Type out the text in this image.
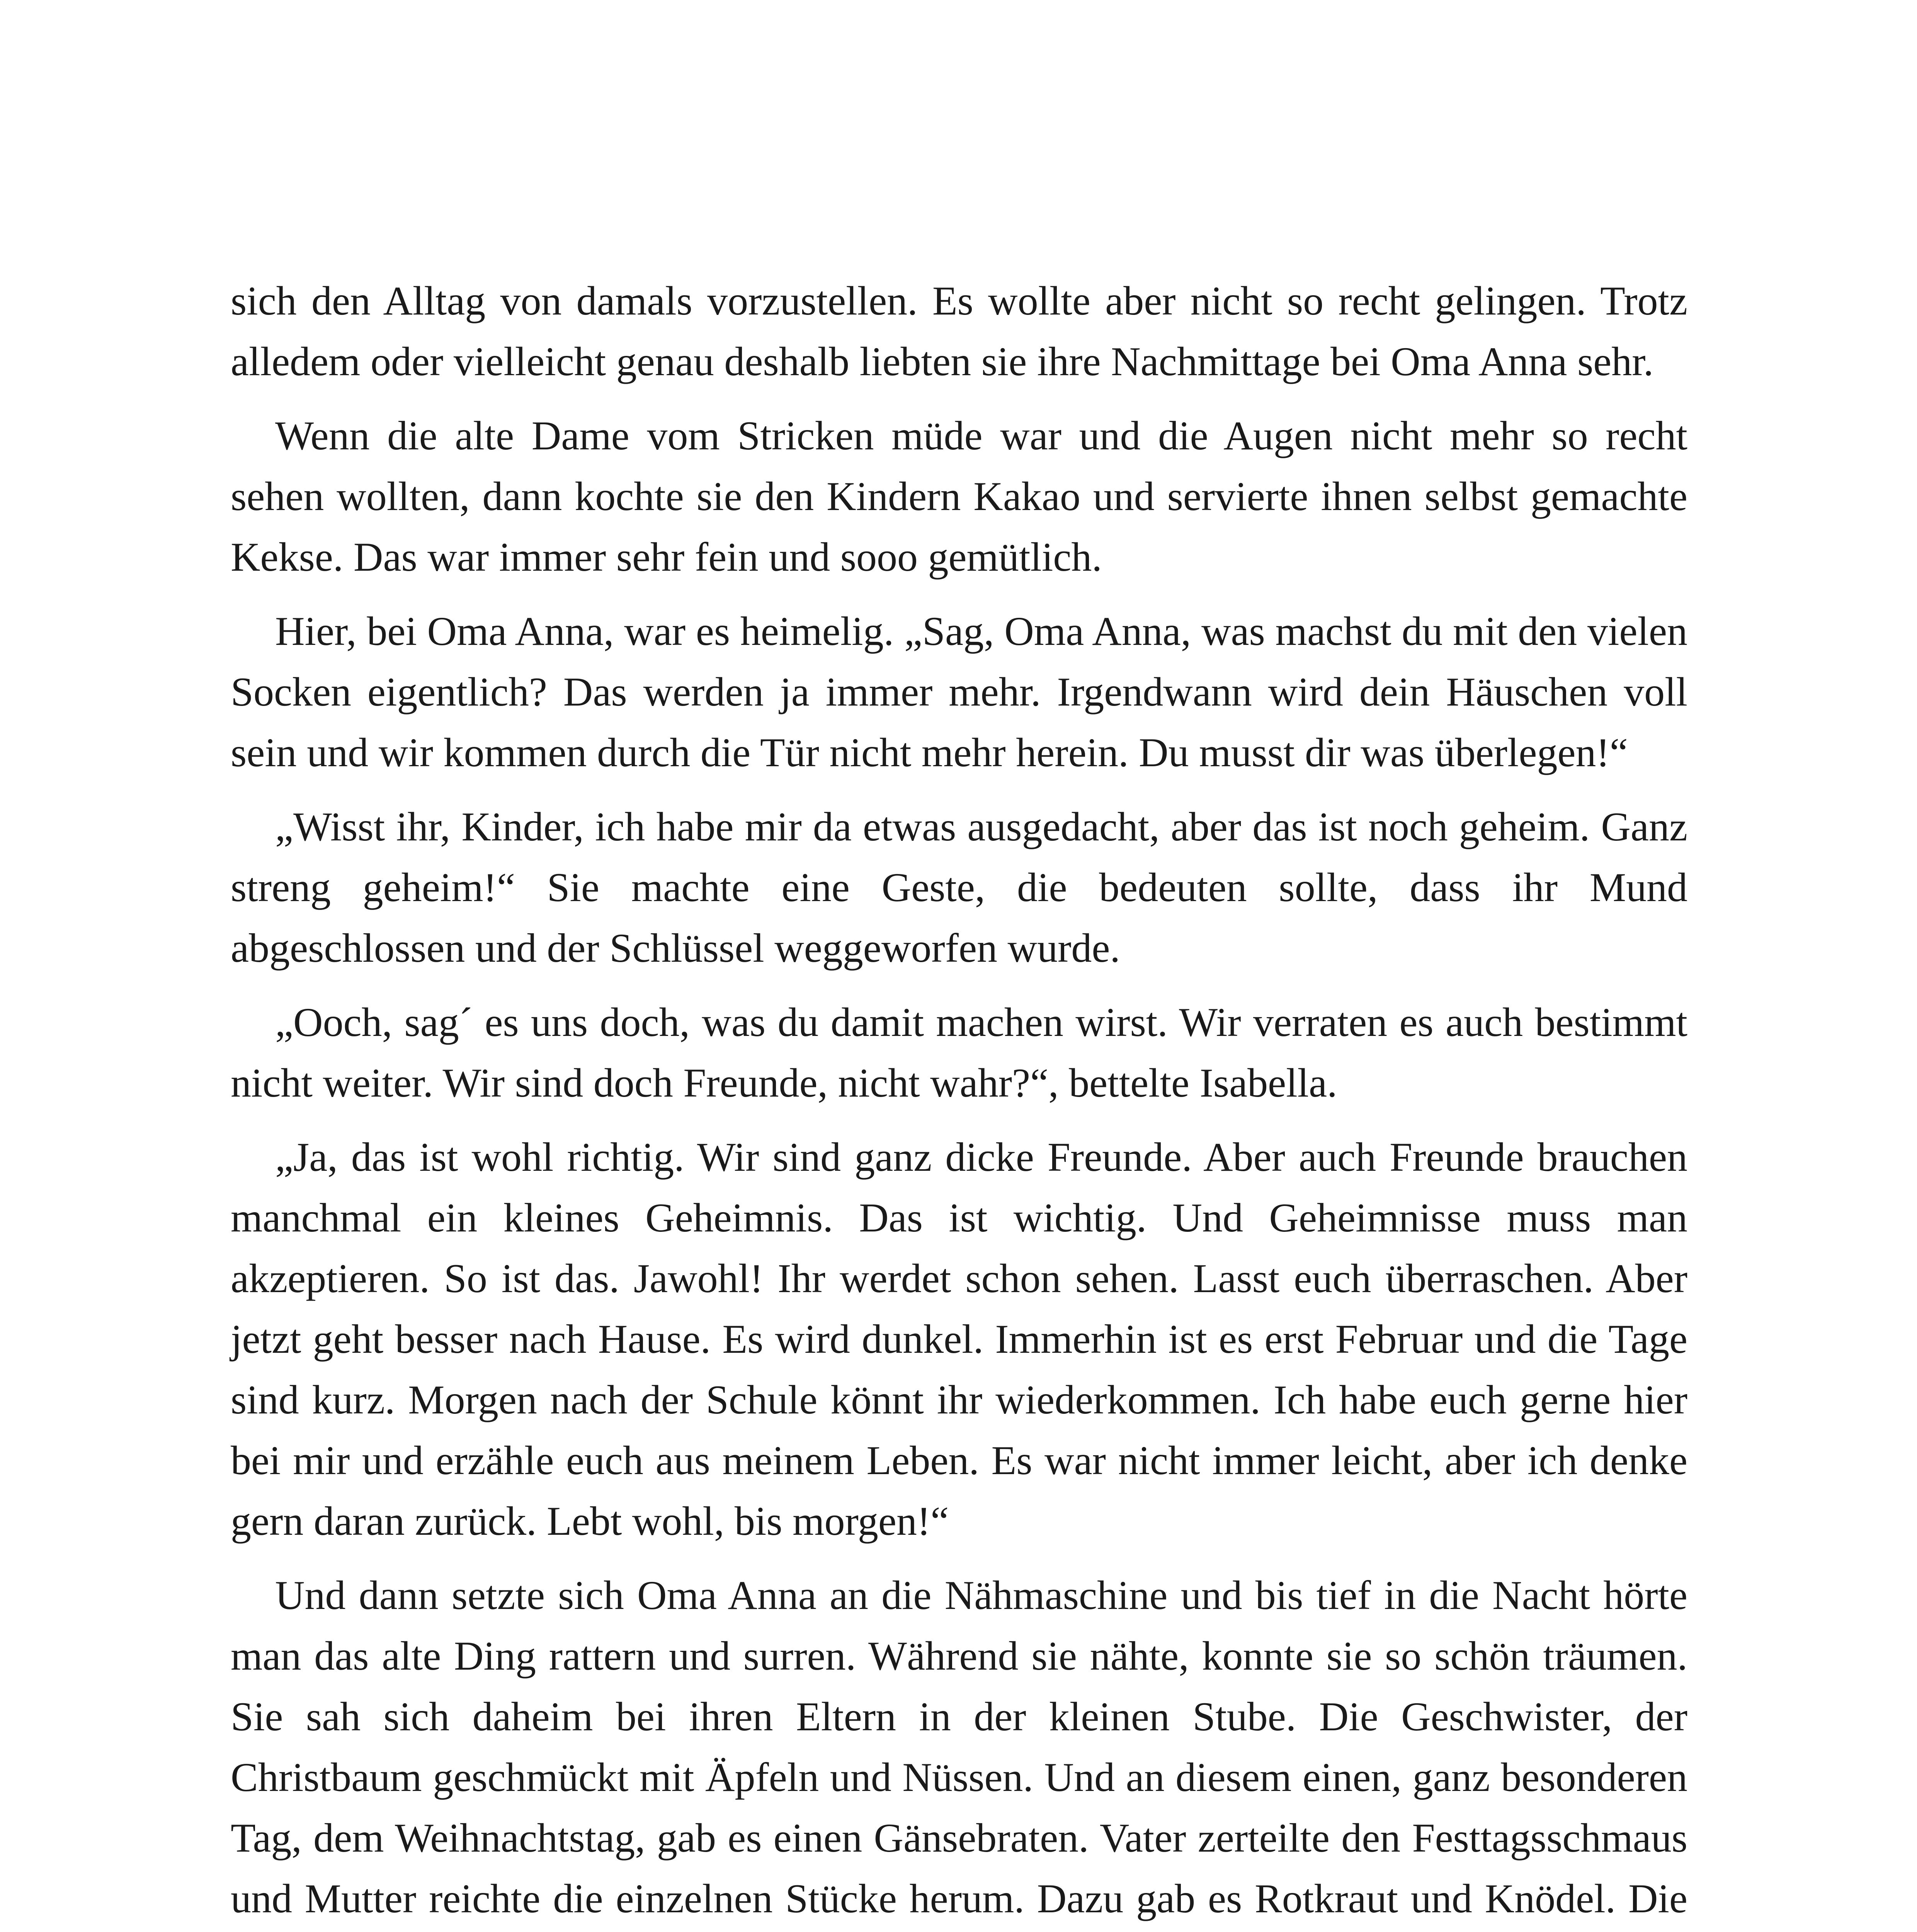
sich den Alltag von damals vorzustellen. Es wollte aber nicht so recht gelingen. Trotz alledem oder vielleicht genau deshalb liebten sie ihre Nachmittage bei Oma Anna sehr.

Wenn die alte Dame vom Stricken müde war und die Augen nicht mehr so recht sehen wollten, dann kochte sie den Kindern Kakao und servierte ihnen selbst gemachte Kekse. Das war immer sehr fein und sooo gemütlich.

Hier, bei Oma Anna, war es heimelig. „Sag, Oma Anna, was machst du mit den vielen Socken eigentlich? Das werden ja immer mehr. Irgendwann wird dein Häuschen voll sein und wir kommen durch die Tür nicht mehr herein. Du musst dir was überlegen!“

„Wisst ihr, Kinder, ich habe mir da etwas ausgedacht, aber das ist noch geheim. Ganz streng geheim!“ Sie machte eine Geste, die bedeuten sollte, dass ihr Mund abgeschlossen und der Schlüssel weggeworfen wurde.

„Ooch, sag´ es uns doch, was du damit machen wirst. Wir verraten es auch bestimmt nicht weiter. Wir sind doch Freunde, nicht wahr?“, bettelte Isabella.

„Ja, das ist wohl richtig. Wir sind ganz dicke Freunde. Aber auch Freunde brauchen manchmal ein kleines Geheimnis. Das ist wichtig. Und Geheimnisse muss man akzeptieren. So ist das. Jawohl! Ihr werdet schon sehen. Lasst euch überraschen. Aber jetzt geht besser nach Hause. Es wird dunkel. Immerhin ist es erst Februar und die Tage sind kurz. Morgen nach der Schule könnt ihr wiederkommen. Ich habe euch gerne hier bei mir und erzähle euch aus meinem Leben. Es war nicht immer leicht, aber ich denke gern daran zurück. Lebt wohl, bis morgen!“

Und dann setzte sich Oma Anna an die Nähmaschine und bis tief in die Nacht hörte man das alte Ding rattern und surren. Während sie nähte, konnte sie so schön träumen. Sie sah sich daheim bei ihren Eltern in der kleinen Stube. Die Geschwister, der Christbaum geschmückt mit Äpfeln und Nüssen. Und an diesem einen, ganz besonderen Tag, dem Weihnachtstag, gab es einen Gänsebraten. Vater zerteilte den Festtagsschmaus und Mutter reichte die einzelnen Stücke herum. Dazu gab es Rotkraut und Knödel. Die
